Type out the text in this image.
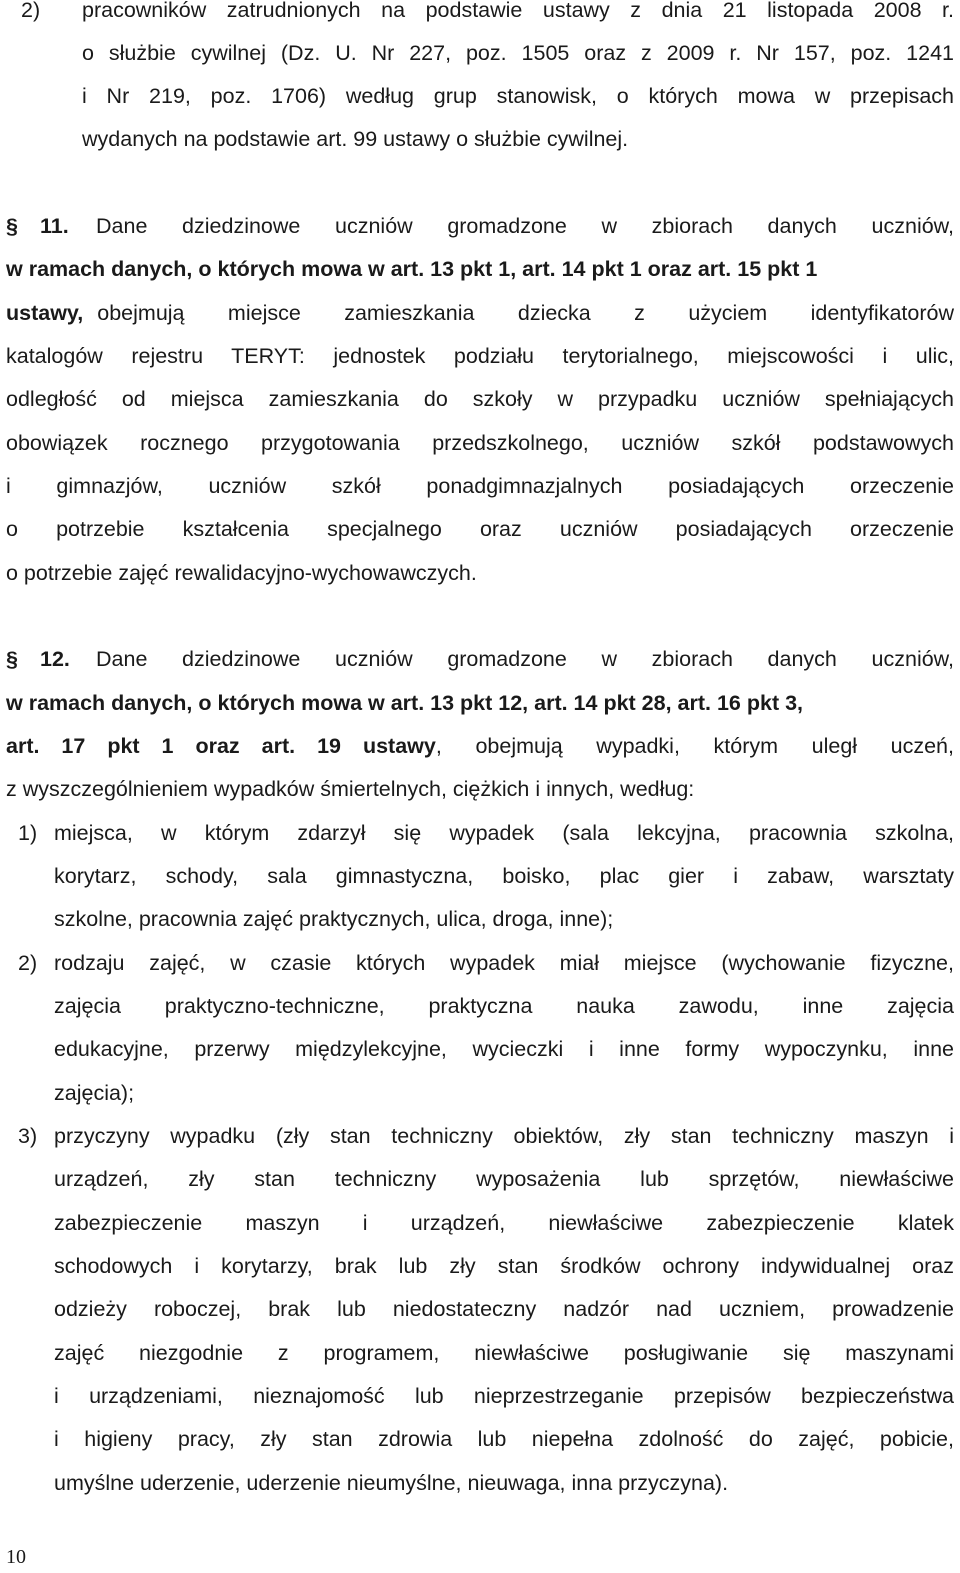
2) pracowników zatrudnionych na podstawie ustawy z dnia 21 listopada 2008 r.
o służbie cywilnej (Dz. U. Nr 227, poz. 1505 oraz z 2009 r. Nr 157, poz. 1241
i Nr 219, poz. 1706) według grup stanowisk, o których mowa w przepisach
wydanych na podstawie art. 99 ustawy o służbie cywilnej.
§	11.	Dane dziedzinowe uczniów gromadzone w zbiorach danych uczniów,
w ramach danych, o których mowa w art. 13 pkt 1, art. 14 pkt 1 oraz art. 15 pkt 1
ustawy, obejmują miejsce zamieszkania dziecka z użyciem identyfikatorów
katalogów rejestru TERYT: jednostek podziału terytorialnego, miejscowości i ulic,
odległość od miejsca zamieszkania do szkoły w przypadku uczniów spełniających
obowiązek rocznego przygotowania przedszkolnego, uczniów szkół podstawowych
i gimnazjów, uczniów szkół ponadgimnazjalnych posiadających orzeczenie
o potrzebie kształcenia specjalnego oraz uczniów posiadających orzeczenie
o potrzebie zajęć rewalidacyjno-wychowawczych.
§	12.	Dane dziedzinowe uczniów gromadzone w zbiorach danych uczniów,
w ramach danych, o których mowa w art. 13 pkt 12, art. 14 pkt 28, art. 16 pkt 3,
art. 17 pkt 1 oraz art. 19 ustawy , obejmują wypadki, którym uległ uczeń,
z wyszczególnieniem wypadków śmiertelnych, ciężkich i innych, według:
1) miejsca, w którym zdarzył się wypadek (sala lekcyjna, pracownia szkolna,
korytarz, schody, sala gimnastyczna, boisko, plac gier i zabaw, warsztaty
szkolne, pracownia zajęć praktycznych, ulica, droga, inne);
2) rodzaju zajęć, w czasie których wypadek miał miejsce (wychowanie fizyczne,
zajęcia praktyczno-techniczne, praktyczna nauka zawodu, inne zajęcia
edukacyjne, przerwy międzylekcyjne, wycieczki i inne formy wypoczynku, inne
zajęcia);
3) przyczyny wypadku (zły stan techniczny obiektów, zły stan techniczny maszyn i
urządzeń, zły stan techniczny wyposażenia lub sprzętów, niewłaściwe
zabezpieczenie maszyn i urządzeń, niewłaściwe zabezpieczenie klatek
schodowych i korytarzy, brak lub zły stan środków ochrony indywidualnej oraz
odzieży roboczej, brak lub niedostateczny nadzór nad uczniem, prowadzenie
zajęć niezgodnie z programem, niewłaściwe posługiwanie się maszynami
i urządzeniami, nieznajomość lub nieprzestrzeganie przepisów bezpieczeństwa
i higieny pracy, zły stan zdrowia lub niepełna zdolność do zajęć, pobicie,
umyślne uderzenie, uderzenie nieumyślne, nieuwaga, inna przyczyna).
10
